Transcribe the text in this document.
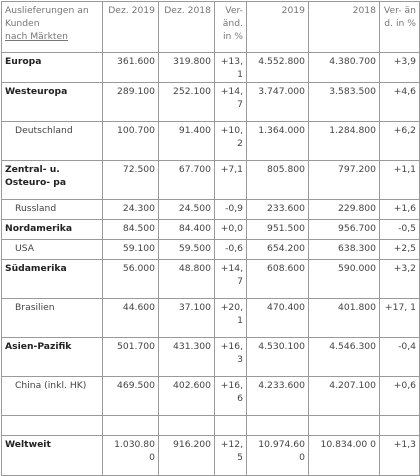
Auslieferungen an
Kunden
nach Märkten	Dez. 2019	Dez. 2018	Ver- änd. in %	2019	2018	Ver- änd. in %
Europa	361.600	319.800	+13, 1	4.552.800	4.380.700	+3,9
Westeuropa	289.100	252.100	+14, 7	3.747.000	3.583.500	+4,6
Deutschland	100.700	91.400	+10, 2	1.364.000	1.284.800	+6,2
Zentral- u. Osteuro- pa	72.500	67.700	+7,1	805.800	797.200	+1,1
Russland	24.300	24.500	-0,9	233.600	229.800	+1,6
Nordamerika	84.500	84.400	+0,0	951.500	956.700	-0,5
USA	59.100	59.500	-0,6	654.200	638.300	+2,5
Südamerika	56.000	48.800	+14, 7	608.600	590.000	+3,2
Brasilien	44.600	37.100	+20, 1	470.400	401.800	+17, 1
Asien-Pazifik	501.700	431.300	+16, 3	4.530.100	4.546.300	-0,4
China (inkl. HK)	469.500	402.600	+16, 6	4.233.600	4.207.100	+0,6

Weltweit	1.030.80 0	916.200	+12, 5	10.974.60 0	10.834.00 0	+1,3
